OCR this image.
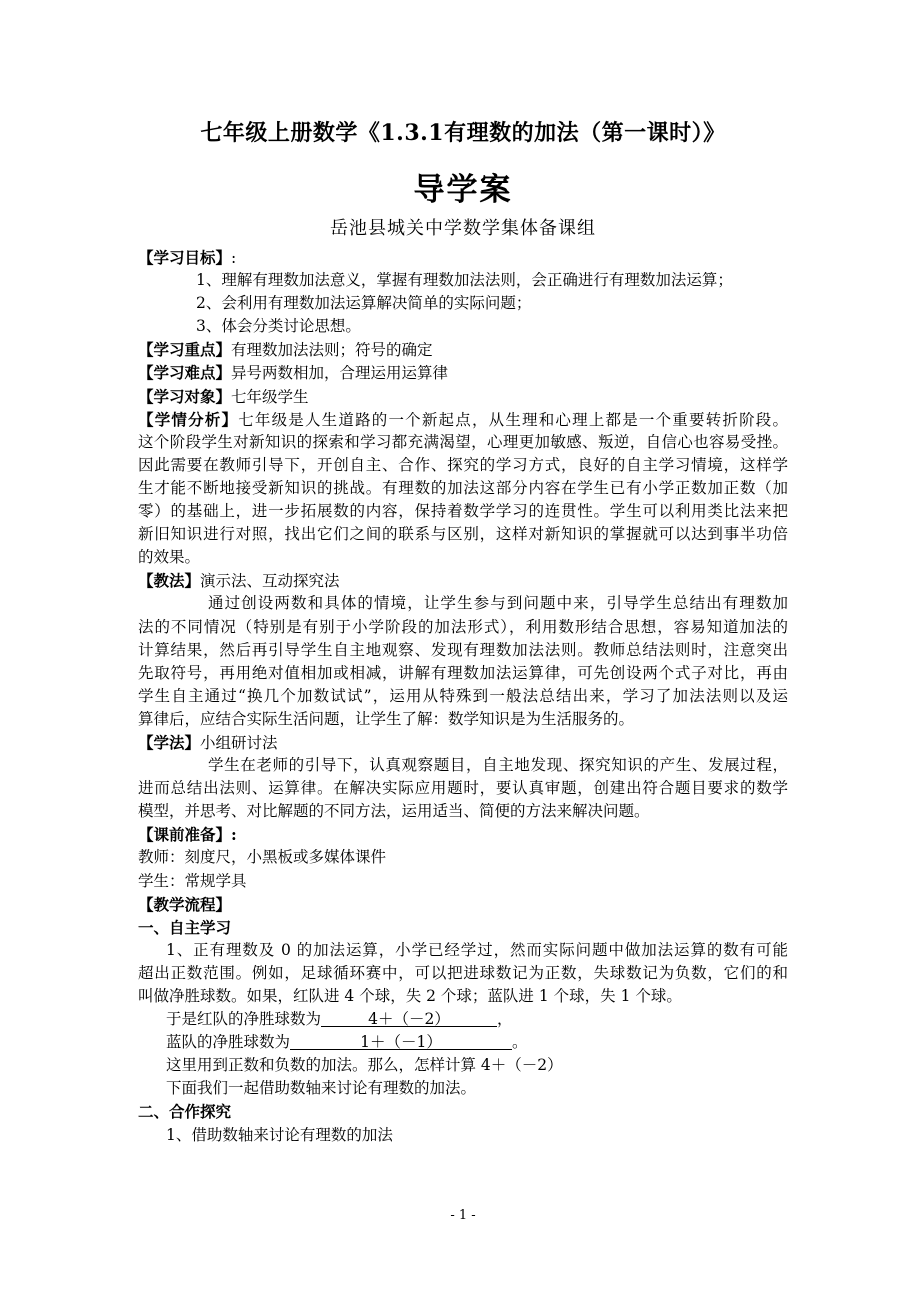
七年级上册数学《1.3.1有理数的加法（第一课时）》
导学案
岳池县城关中学数学集体备课组
【学习目标】:
1、理解有理数加法意义，掌握有理数加法法则，会正确进行有理数加法运算；
2、会利用有理数加法运算解决简单的实际问题；
3、体会分类讨论思想。
【学习重点】有理数加法法则；符号的确定
【学习难点】异号两数相加，合理运用运算律
【学习对象】七年级学生
【学情分析】七年级是人生道路的一个新起点，从生理和心理上都是一个重要转折阶段。
这个阶段学生对新知识的探索和学习都充满渴望，心理更加敏感、叛逆，自信心也容易受挫。
因此需要在教师引导下，开创自主、合作、探究的学习方式，良好的自主学习情境，这样学
生才能不断地接受新知识的挑战。有理数的加法这部分内容在学生已有小学正数加正数（加
零）的基础上，进一步拓展数的内容，保持着数学学习的连贯性。学生可以利用类比法来把
新旧知识进行对照，找出它们之间的联系与区别，这样对新知识的掌握就可以达到事半功倍
的效果。
【教法】演示法、互动探究法
通过创设两数和具体的情境，让学生参与到问题中来，引导学生总结出有理数加
法的不同情况（特别是有别于小学阶段的加法形式），利用数形结合思想，容易知道加法的
计算结果，然后再引导学生自主地观察、发现有理数加法法则。教师总结法则时，注意突出
先取符号，再用绝对值相加或相减，讲解有理数加法运算律，可先创设两个式子对比，再由
学生自主通过“换几个加数试试”，运用从特殊到一般法总结出来，学习了加法法则以及运
算律后，应结合实际生活问题，让学生了解：数学知识是为生活服务的。
【学法】小组研讨法
学生在老师的引导下，认真观察题目，自主地发现、探究知识的产生、发展过程，
进而总结出法则、运算律。在解决实际应用题时，要认真审题，创建出符合题目要求的数学
模型，并思考、对比解题的不同方法，运用适当、简便的方法来解决问题。
【课前准备】:
教师：刻度尺，小黑板或多媒体课件
学生：常规学具
【教学流程】
一、自主学习
1、正有理数及 0 的加法运算，小学已经学过，然而实际问题中做加法运算的数有可能
超出正数范围。例如，足球循环赛中，可以把进球数记为正数，失球数记为负数，它们的和
叫做净胜球数。如果，红队进 4 个球，失 2 个球；蓝队进 1 个球，失 1 个球。
于是红队的净胜球数为	4＋（－2）	，
蓝队的净胜球数为	1＋（－1）	。
这里用到正数和负数的加法。那么，怎样计算 4＋（－2）
下面我们一起借助数轴来讨论有理数的加法。
二、合作探究
1、借助数轴来讨论有理数的加法
- 1 -
